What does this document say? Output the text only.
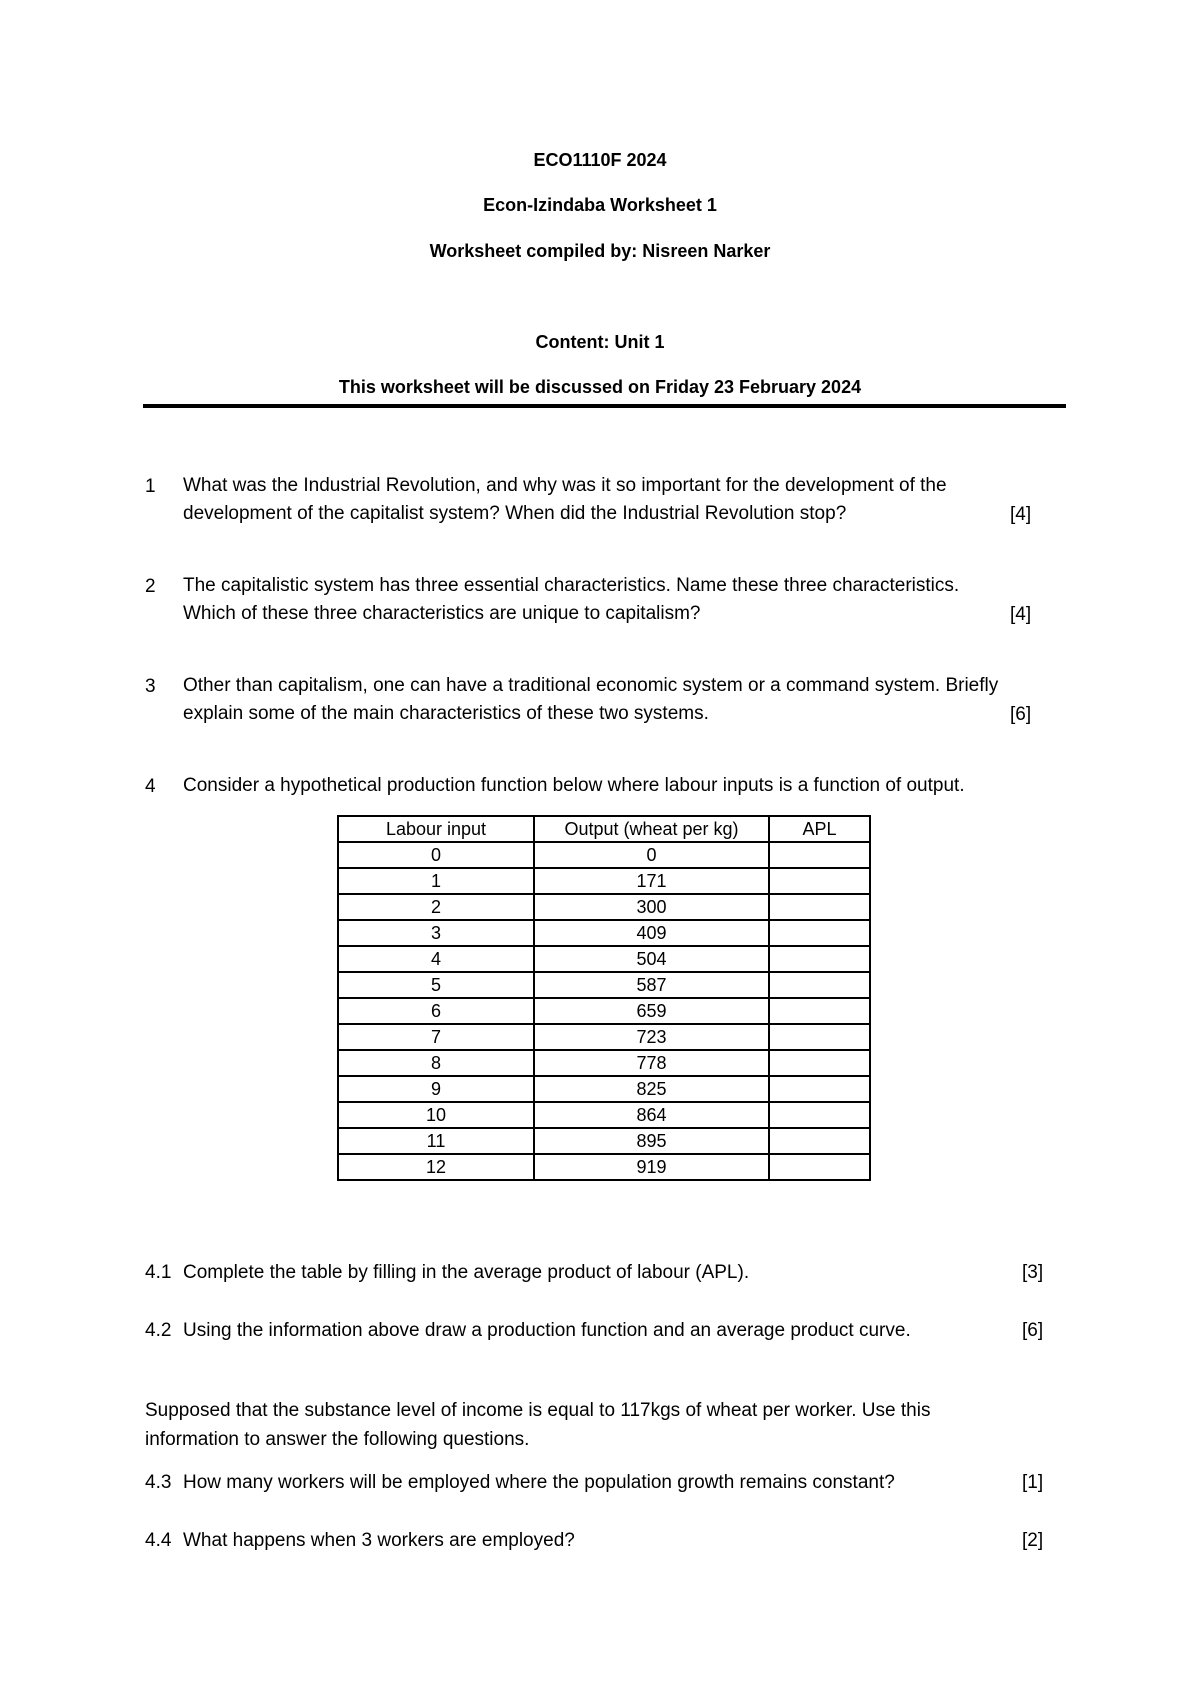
ECO1110F 2024
Econ-Izindaba Worksheet 1
Worksheet compiled by: Nisreen Narker
Content: Unit 1
This worksheet will be discussed on Friday 23 February 2024
1 What was the Industrial Revolution, and why was it so important for the development of the
development of the capitalist system? When did the Industrial Revolution stop?	[4]
2 The capitalistic system has three essential characteristics. Name these three characteristics.
Which of these three characteristics are unique to capitalism?	[4]
3 Other than capitalism, one can have a traditional economic system or a command system. Briefly
explain some of the main characteristics of these two systems.	[6]
4 Consider a hypothetical production function below where labour inputs is a function of output.
Labour input	Output (wheat per kg)	APL
0	0	
1	171	
2	300	
3	409	
4	504	
5	587	
6	659	
7	723	
8	778	
9	825	
10	864	
11	895	
12	919	
4.1 Complete the table by filling in the average product of labour (APL).	[3]
4.2 Using the information above draw a production function and an average product curve.	[6]
Supposed that the substance level of income is equal to 117kgs of wheat per worker. Use this
information to answer the following questions.
4.3 How many workers will be employed where the population growth remains constant?	[1]
4.4 What happens when 3 workers are employed?	[2]
